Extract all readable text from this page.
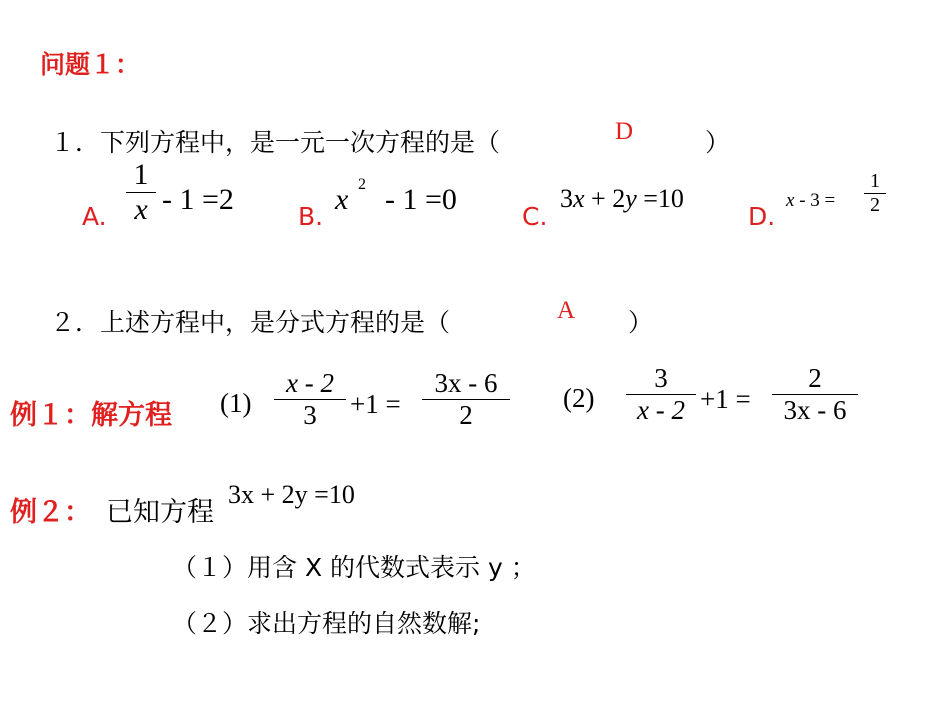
问题１：
１．下列方程中，是一元一次方程的是（	D	）
A.
1
x - 1 =2
B.
x 2 - 1 =0
C.
3x + 2y =10
D.
x - 3 =
1
2
２．上述方程中，是分式方程的是（	A ）
例１：解方程 (1)
x - 2
3	+1 =
3x - 6
2
(2)
3
x - 2 +1 =
2
3x - 6
例２： 已知方程
3x + 2y =10
（１）用含 X 的代数式表示 y ；
（２）求出方程的自然数解;
